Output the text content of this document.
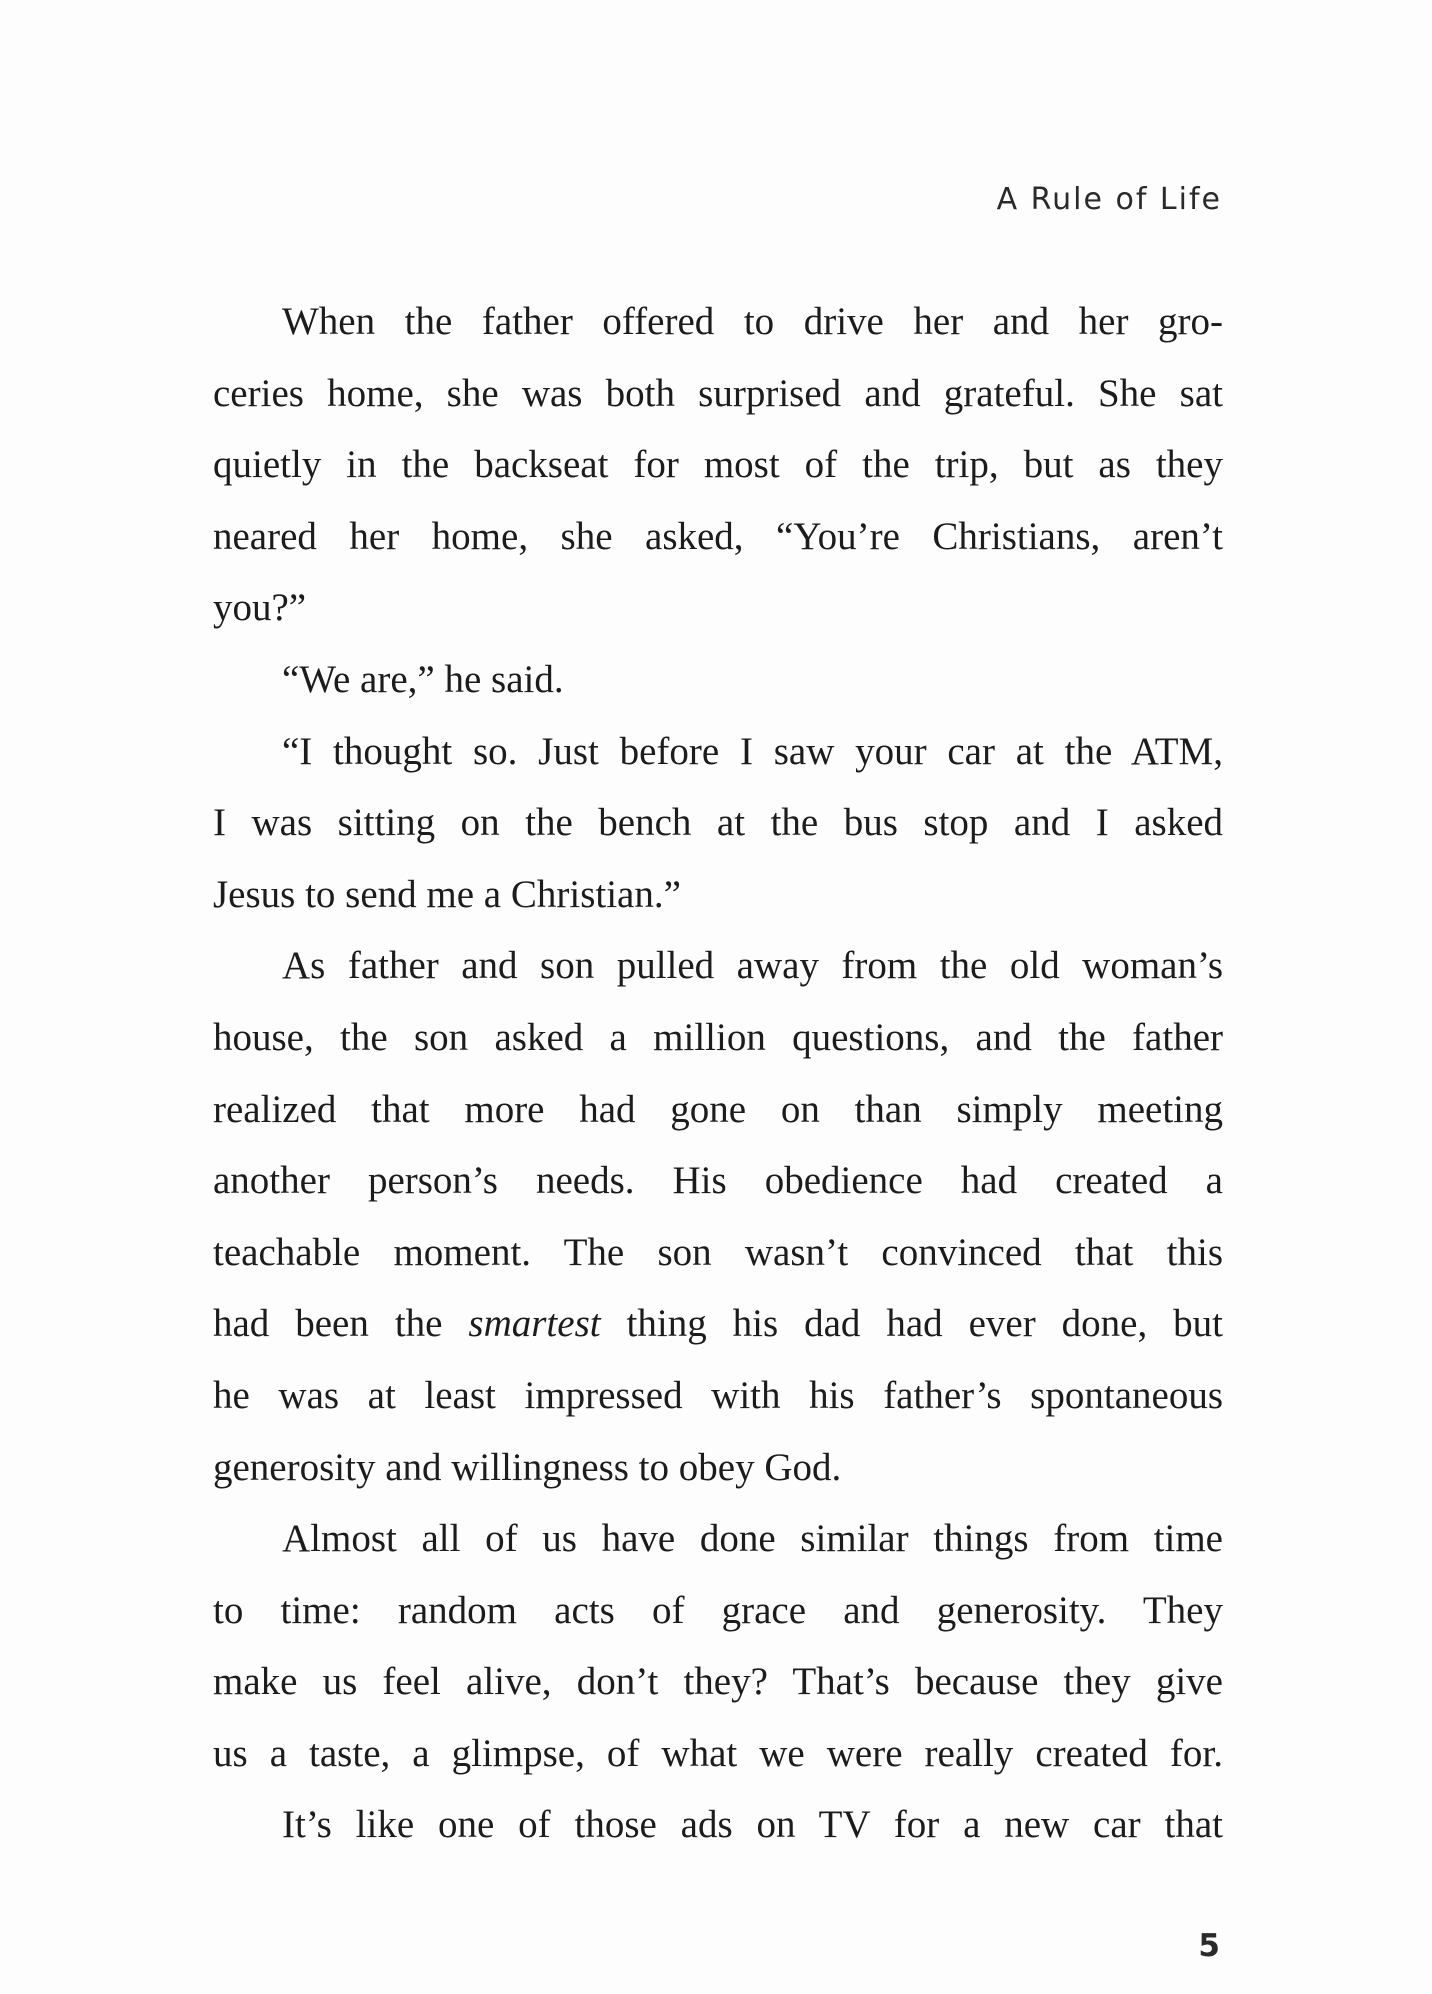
A Rule of Life
When the father offered to drive her and her gro-
ceries home, she was both surprised and grateful. She sat
quietly in the backseat for most of the trip, but as they
neared her home, she asked, “You’re Christians, aren’t
you?”
“We are,” he said.
“I thought so. Just before I saw your car at the ATM,
I was sitting on the bench at the bus stop and I asked
Jesus to send me a Christian.”
As father and son pulled away from the old woman’s
house, the son asked a million questions, and the father
realized that more had gone on than simply meeting
another person’s needs. His obedience had created a
teachable moment. The son wasn’t convinced that this
had been the smartest thing his dad had ever done, but
he was at least impressed with his father’s spontaneous
generosity and willingness to obey God.
Almost all of us have done similar things from time
to time: random acts of grace and generosity. They
make us feel alive, don’t they? That’s because they give
us a taste, a glimpse, of what we were really created for.
It’s like one of those ads on TV for a new car that
5
